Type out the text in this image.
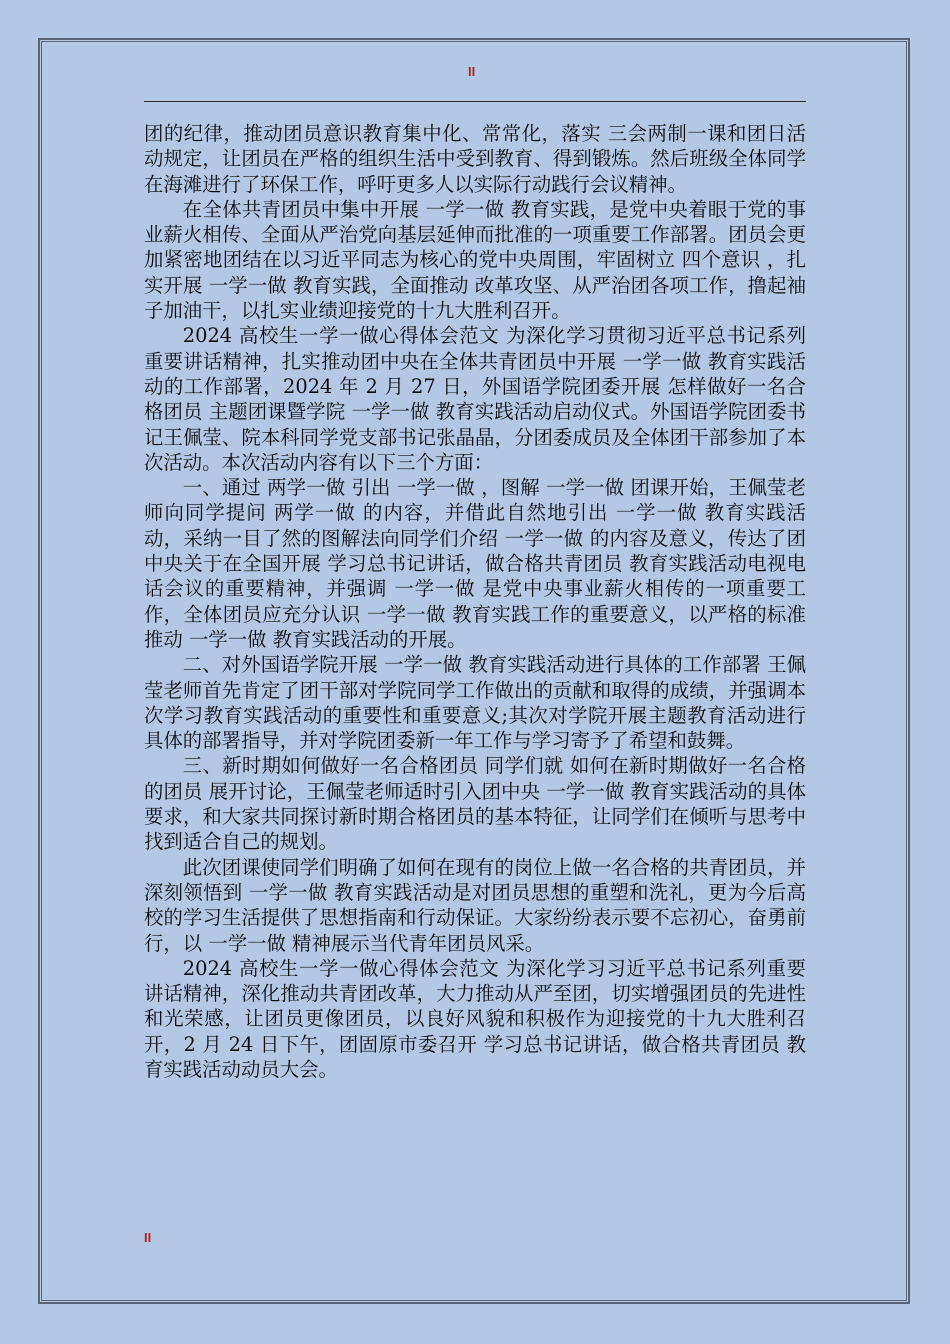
II

团的纪律，推动团员意识教育集中化、常常化，落实 三会两制一课和团日活动规定，让团员在严格的组织生活中受到教育、得到锻炼。然后班级全体同学在海滩进行了环保工作，呼吁更多人以实际行动践行会议精神。

在全体共青团员中集中开展 一学一做 教育实践，是党中央着眼于党的事业薪火相传、全面从严治党向基层延伸而批准的一项重要工作部署。团员会更加紧密地团结在以习近平同志为核心的党中央周围，牢固树立 四个意识 ，扎实开展 一学一做 教育实践，全面推动 改革攻坚、从严治团各项工作，撸起袖子加油干，以扎实业绩迎接党的十九大胜利召开。

2024 高校生一学一做心得体会范文 为深化学习贯彻习近平总书记系列重要讲话精神，扎实推动团中央在全体共青团员中开展 一学一做 教育实践活动的工作部署，2024 年 2 月 27 日，外国语学院团委开展 怎样做好一名合格团员 主题团课暨学院 一学一做 教育实践活动启动仪式。外国语学院团委书记王佩莹、院本科同学党支部书记张晶晶，分团委成员及全体团干部参加了本次活动。本次活动内容有以下三个方面：

一、通过 两学一做 引出 一学一做 ，图解 一学一做 团课开始，王佩莹老师向同学提问 两学一做 的内容，并借此自然地引出 一学一做 教育实践活动，采纳一目了然的图解法向同学们介绍 一学一做 的内容及意义，传达了团中央关于在全国开展 学习总书记讲话，做合格共青团员 教育实践活动电视电话会议的重要精神，并强调 一学一做 是党中央事业薪火相传的一项重要工作，全体团员应充分认识 一学一做 教育实践工作的重要意义，以严格的标准推动 一学一做 教育实践活动的开展。

二、对外国语学院开展 一学一做 教育实践活动进行具体的工作部署 王佩莹老师首先肯定了团干部对学院同学工作做出的贡献和取得的成绩，并强调本次学习教育实践活动的重要性和重要意义;其次对学院开展主题教育活动进行具体的部署指导，并对学院团委新一年工作与学习寄予了希望和鼓舞。

三、新时期如何做好一名合格团员 同学们就 如何在新时期做好一名合格的团员 展开讨论，王佩莹老师适时引入团中央 一学一做 教育实践活动的具体要求，和大家共同探讨新时期合格团员的基本特征，让同学们在倾听与思考中找到适合自己的规划。

此次团课使同学们明确了如何在现有的岗位上做一名合格的共青团员，并深刻领悟到 一学一做 教育实践活动是对团员思想的重塑和洗礼，更为今后高校的学习生活提供了思想指南和行动保证。大家纷纷表示要不忘初心，奋勇前行，以 一学一做 精神展示当代青年团员风采。

2024 高校生一学一做心得体会范文 为深化学习习近平总书记系列重要讲话精神，深化推动共青团改革，大力推动从严至团，切实增强团员的先进性和光荣感，让团员更像团员，以良好风貌和积极作为迎接党的十九大胜利召开，2 月 24 日下午，团固原市委召开 学习总书记讲话，做合格共青团员 教育实践活动动员大会。

II
